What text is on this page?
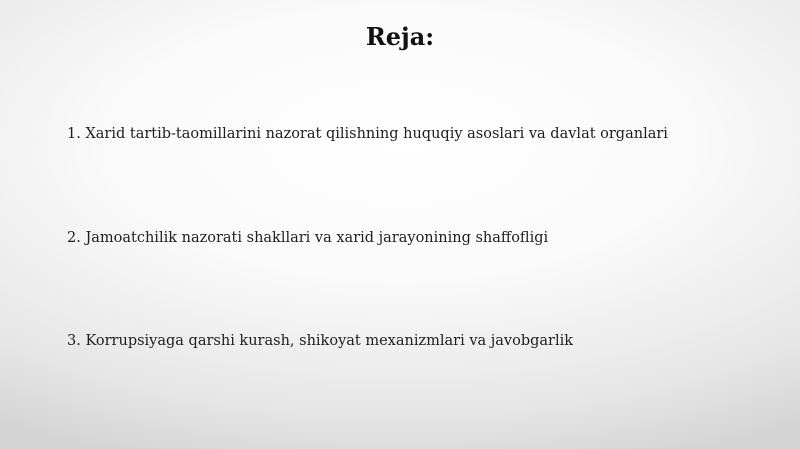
Reja:
1. Xarid tartib-taomillarini nazorat qilishning huquqiy asoslari va davlat organlari
2. Jamoatchilik nazorati shakllari va xarid jarayonining shaffofligi
3. Korrupsiyaga qarshi kurash, shikoyat mexanizmlari va javobgarlik
